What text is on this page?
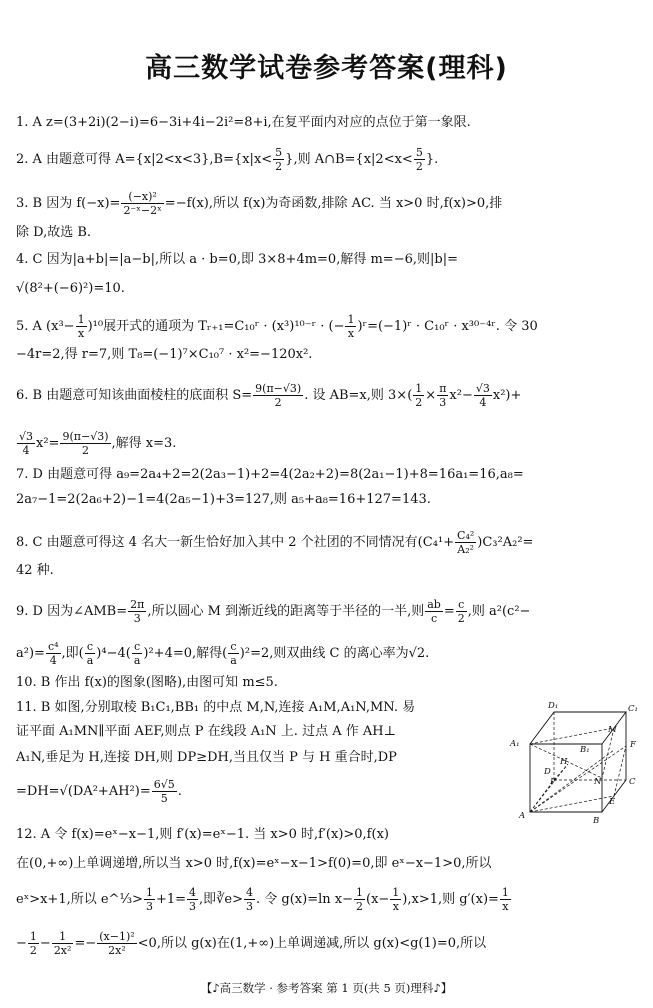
高三数学试卷参考答案(理科)
1. A z=(3+2i)(2−i)=6−3i+4i−2i²=8+i,在复平面内对应的点位于第一象限.
2. A 由题意可得 $A=\{x|2<x<3\},B=\{x|x< \frac{5}{2}$ },则 A∩B={x|2<x< $\frac{5}{2}$ }.
3. B 因为 $f(-x)= \frac{\text{(−x)²}}{\text{2⁻ˣ−2ˣ}} =-f(x)$,所以 f(x)为奇函数,排除 AC. 当 x>0 时,f(x)>0,排
除 D,故选 B.
4. C 因为|a+b|=|a−b|,所以 a · b=0,即 3×8+4m=0,解得 m=−6,则|b|=
√(8²+(−6)²)=10.
5. A $(x^3- \frac{1}{x} )^{10}$展开式的通项为 Tᵣ₊₁=C₁₀ʳ · (x³)¹⁰⁻ʳ · (− $\frac{1}{x}$ )ʳ=(−1)ʳ · C₁₀ʳ · x³⁰⁻⁴ʳ. 令 30
−4r=2,得 r=7,则 T₈=(−1)⁷×C₁₀⁷ · x²=−120x².
6. B 由题意可知该曲面棱柱的底面积 $S= \frac{9(\pi-√3)}{2}$ . 设 AB=x,则 $3\times( \frac{1}{2} \times \frac{\pi}{3} x^2- \frac{√3}{4} x^2)+$
$\frac{√3}{4} x^2= \frac{9(\pi-√3)}{2}$ ,解得 x=3.
7. D 由题意可得 a₉=2a₄+2=2(2a₃−1)+2=4(2a₂+2)=8(2a₁−1)+8=16a₁=16,a₈=
2a₇−1=2(2a₆+2)−1=4(2a₅−1)+3=127,则 a₅+a₈=16+127=143.
8. C 由题意可得这 4 名大一新生恰好加入其中 2 个社团的不同情况有$(C_4^1+ \frac{\text{C₄²}}{\text{A₂²}} )C_3^2A_2^2=$
42 种.
9. D 因为∠AMB= $\frac{2\pi}{3}$ ,所以圆心 M 到渐近线的距离等于半径的一半,则 $\frac{ab}{c} = \frac{c}{2}$ ,则 a²(c²−
$a^2)= \frac{\text{c⁴}}{4}$ ,即( $\frac{c}{a} )^4-4( \frac{c}{a} )^2+4=0$,解得( $\frac{c}{a} )^2=2$,则双曲线 C 的离心率为√2.
10. B 作出 f(x)的图象(图略),由图可知 m≤5.
11. B 如图,分别取棱 B₁C₁,BB₁ 的中点 M,N,连接 A₁M,A₁N,MN. 易
证平面 A₁MN∥平面 AEF,则点 P 在线段 A₁N 上. 过点 A 作 AH⊥
A₁N,垂足为 H,连接 DH,则 DP≥DH,当且仅当 P 与 H 重合时,DP
$=DH=√(DA^2+AH^2)= \frac{6√5}{5}$ .
D₁	C₁
A₁
B₁
M
F
H
D
P	N	C
E
A	B
12. A 令 f(x)=eˣ−x−1,则 f′(x)=eˣ−1. 当 x>0 时,f′(x)>0,f(x)
在(0,+∞)上单调递增,所以当 x>0 时,f(x)=eˣ−x−1>f(0)=0,即 eˣ−x−1>0,所以
eˣ>x+1,所以 e^⅓> $\frac{1}{3} +1= \frac{4}{3}$ ,即∛e> $\frac{4}{3}$ . 令 g(x)=ln $x- \frac{1}{2} (x- \frac{1}{x} ),x>1$,则 $g'(x)= \frac{1}{x}$
− $\frac{1}{2} - \frac{1}{\text{2x²}} =- \frac{\text{(x−1)²}}{\text{2x²}} <0$,所以 g(x)在(1,+∞)上单调递减,所以 g(x)<g(1)=0,所以
【♪高三数学 · 参考答案 第 1 页(共 5 页)理科♪】
